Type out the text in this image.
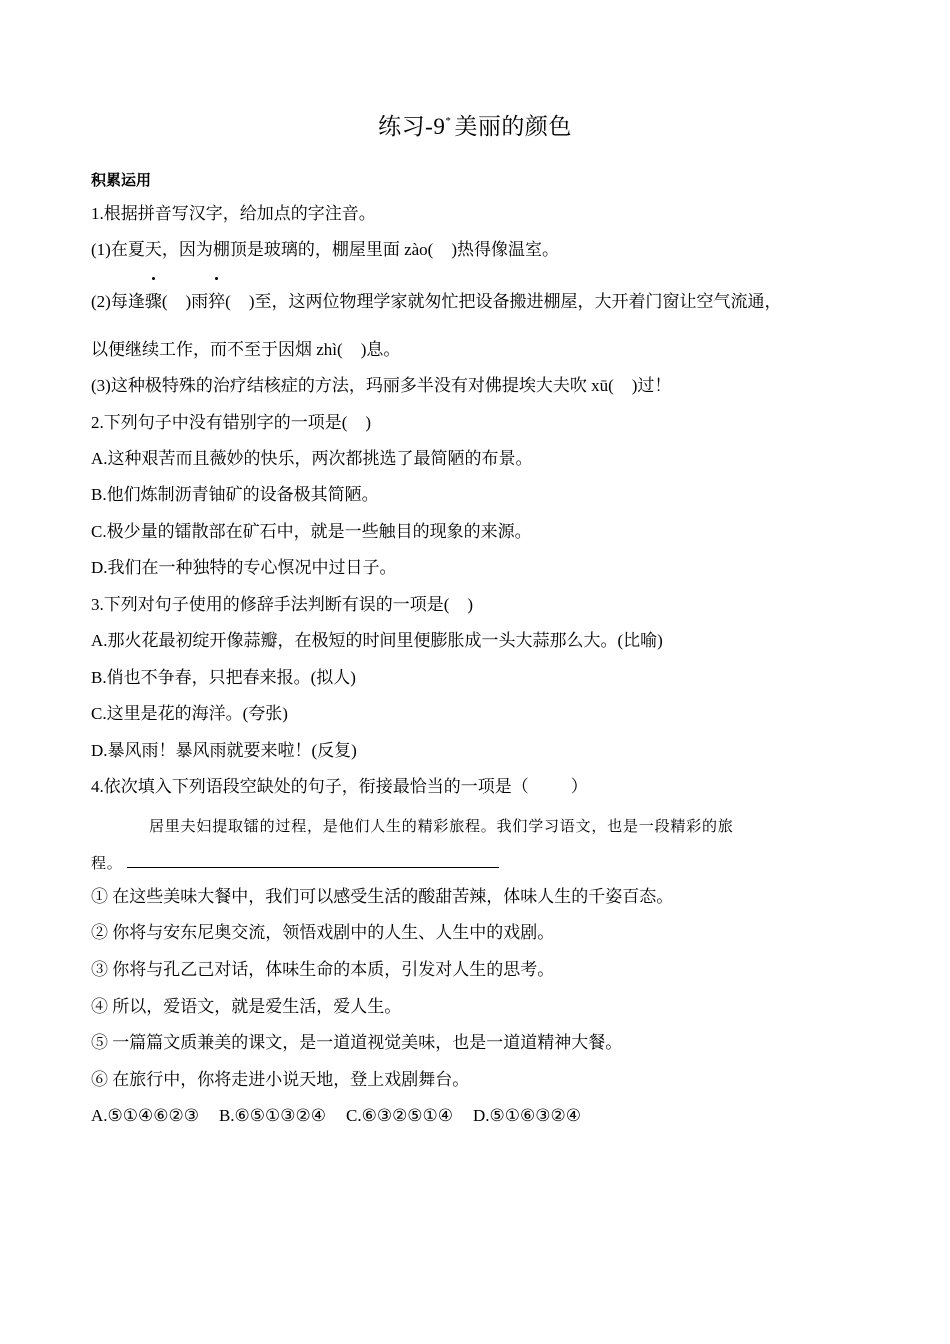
练习-9* 美丽的颜色
积累运用
1.根据拼音写汉字，给加点的字注音。
(1)在夏天，因为棚顶是玻璃的，棚屋里面 zào( )热得像温室。
(2)每逢骤( )雨猝( )至，这两位物理学家就匆忙把设备搬进棚屋，大开着门窗让空气流通，
以便继续工作，而不至于因烟 zhì( )息。
(3)这种极特殊的治疗结核症的方法，玛丽多半没有对佛提埃大夫吹 xū( )过！
2.下列句子中没有错别字的一项是( )
A.这种艰苦而且薇妙的快乐，两次都挑选了最简陋的布景。
B.他们炼制沥青铀矿的设备极其简陋。
C.极少量的镭散部在矿石中，就是一些触目的现象的来源。
D.我们在一种独特的专心慏况中过日子。
3.下列对句子使用的修辞手法判断有误的一项是( )
A.那火花最初绽开像蒜瓣，在极短的时间里便膨胀成一头大蒜那么大。(比喻)
B.俏也不争春，只把春来报。(拟人)
C.这里是花的海洋。(夸张)
D.暴风雨！暴风雨就要来啦！(反复)
4.依次填入下列语段空缺处的句子，衔接最恰当的一项是（ ）
居里夫妇提取镭的过程，是他们人生的精彩旅程。我们学习语文，也是一段精彩的旅
程。
① 在这些美味大餐中，我们可以感受生活的酸甜苦辣，体味人生的千姿百态。
② 你将与安东尼奥交流，领悟戏剧中的人生、人生中的戏剧。
③ 你将与孔乙己对话，体味生命的本质，引发对人生的思考。
④ 所以，爱语文，就是爱生活，爱人生。
⑤ 一篇篇文质兼美的课文，是一道道视觉美味，也是一道道精神大餐。
⑥ 在旅行中，你将走进小说天地，登上戏剧舞台。
A.⑤①④⑥②③ B.⑥⑤①③②④ C.⑥③②⑤①④ D.⑤①⑥③②④
